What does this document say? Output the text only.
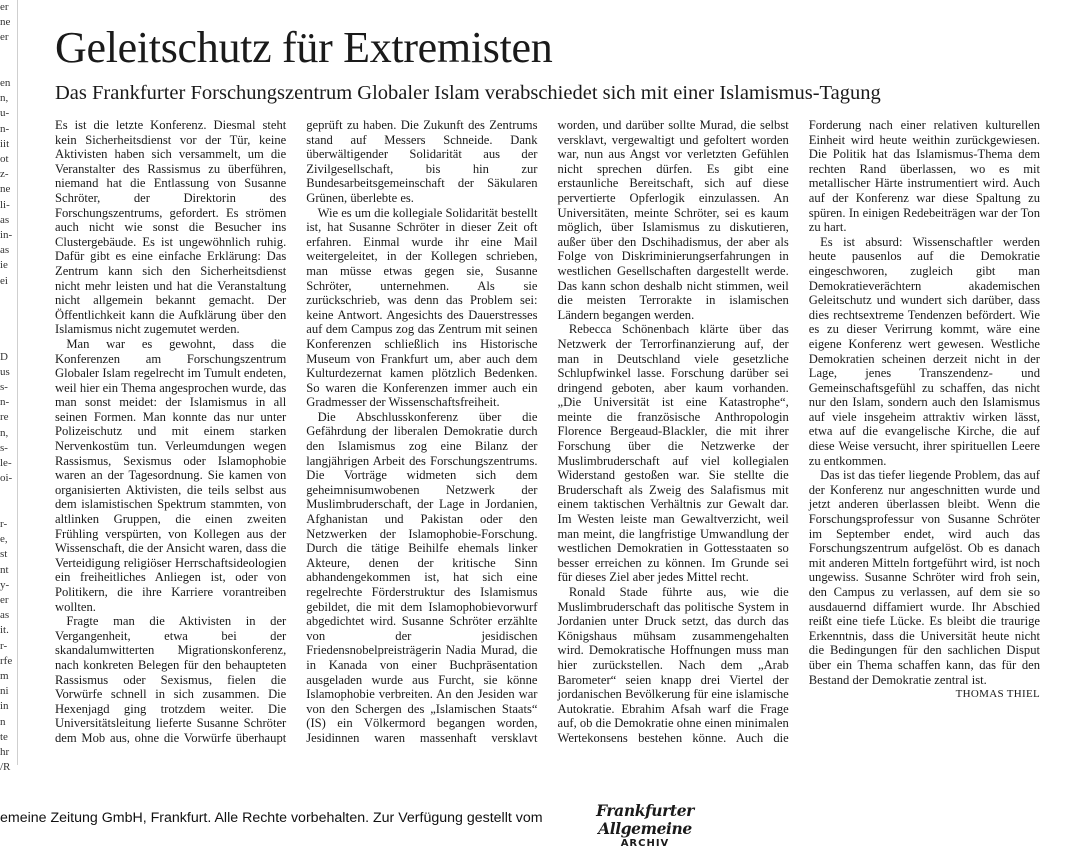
er
ne
er

en
n,
u-
n-
iit
ot
z-
ne
li-
as
in-
as
ie
ei

D
us
s-
n-
re
n,
s-
le-
oi-

r-
e,
st
nt
y-
er
as
it.
r-
rfe
m
ni
in
n
te
hr
/R
Geleitschutz für Extremisten
Das Frankfurter Forschungszentrum Globaler Islam verabschiedet sich mit einer Islamismus-Tagung

Es ist die letzte Konferenz. Diesmal steht kein Sicherheitsdienst vor der Tür, keine Aktivisten haben sich versammelt, um die Veranstalter des Rassismus zu überführen, niemand hat die Entlassung von Susanne Schröter, der Direktorin des Forschungszentrums, gefordert. Es strömen auch nicht wie sonst die Besucher ins Clustergebäude. Es ist ungewöhnlich ruhig. Dafür gibt es eine einfache Erklärung: Das Zentrum kann sich den Sicherheitsdienst nicht mehr leisten und hat die Veranstaltung nicht allgemein bekannt gemacht. Der Öffentlichkeit kann die Aufklärung über den Islamismus nicht zugemutet werden.

Man war es gewohnt, dass die Konferenzen am Forschungszentrum Globaler Islam regelrecht im Tumult endeten, weil hier ein Thema angesprochen wurde, das man sonst meidet: der Islamismus in all seinen Formen. Man konnte das nur unter Polizeischutz und mit einem starken Nervenkostüm tun. Verleumdungen wegen Rassismus, Sexismus oder Islamophobie waren an der Tagesordnung. Sie kamen von organisierten Aktivisten, die teils selbst aus dem islamistischen Spektrum stammten, von altlinken Gruppen, die einen zweiten Frühling verspürten, von Kollegen aus der Wissenschaft, die der Ansicht waren, dass die Verteidigung religiöser Herrschaftsideologien ein freiheitliches Anliegen ist, oder von Politikern, die ihre Karriere vorantreiben wollten.

Fragte man die Aktivisten in der Vergangenheit, etwa bei der skandalumwitterten Migrationskonferenz, nach konkreten Belegen für den behaupteten Rassismus oder Sexismus, fielen die Vorwürfe schnell in sich zusammen. Die Hexenjagd ging trotzdem weiter. Die Universitätsleitung lieferte Susanne Schröter dem Mob aus, ohne die Vorwürfe überhaupt geprüft zu haben. Die Zukunft des Zentrums stand auf Messers Schneide. Dank überwältigender Solidarität aus der Zivilgesellschaft, bis hin zur Bundesarbeitsgemeinschaft der Säkularen Grünen, überlebte es.

Wie es um die kollegiale Solidarität bestellt ist, hat Susanne Schröter in dieser Zeit oft erfahren. Einmal wurde ihr eine Mail weitergeleitet, in der Kollegen schrieben, man müsse etwas gegen sie, Susanne Schröter, unternehmen. Als sie zurückschrieb, was denn das Problem sei: keine Antwort. Angesichts des Dauerstresses auf dem Campus zog das Zentrum mit seinen Konferenzen schließlich ins Historische Museum von Frankfurt um, aber auch dem Kulturdezernat kamen plötzlich Bedenken. So waren die Konferenzen immer auch ein Gradmesser der Wissenschaftsfreiheit.

Die Abschlusskonferenz über die Gefährdung der liberalen Demokratie durch den Islamismus zog eine Bilanz der langjährigen Arbeit des Forschungszentrums. Die Vorträge widmeten sich dem geheimnisumwobenen Netzwerk der Muslimbruderschaft, der Lage in Jordanien, Afghanistan und Pakistan oder den Netzwerken der Islamophobie-Forschung. Durch die tätige Beihilfe ehemals linker Akteure, denen der kritische Sinn abhandengekommen ist, hat sich eine regelrechte Förderstruktur des Islamismus gebildet, die mit dem Islamophobievorwurf abgedichtet wird. Susanne Schröter erzählte von der jesidischen Friedensnobelpreisträgerin Nadia Murad, die in Kanada von einer Buchpräsentation ausgeladen wurde aus Furcht, sie könne Islamophobie verbreiten. An den Jesiden war von den Schergen des „Islamischen Staats“ (IS) ein Völkermord begangen worden, Jesidinnen waren massenhaft versklavt worden, und darüber sollte Murad, die selbst versklavt, vergewaltigt und gefoltert worden war, nun aus Angst vor verletzten Gefühlen nicht sprechen dürfen. Es gibt eine erstaunliche Bereitschaft, sich auf diese pervertierte Opferlogik einzulassen. An Universitäten, meinte Schröter, sei es kaum möglich, über Islamismus zu diskutieren, außer über den Dschihadismus, der aber als Folge von Diskriminierungserfahrungen in westlichen Gesellschaften dargestellt werde. Das kann schon deshalb nicht stimmen, weil die meisten Terrorakte in islamischen Ländern begangen werden.

Rebecca Schönenbach klärte über das Netzwerk der Terrorfinanzierung auf, der man in Deutschland viele gesetzliche Schlupfwinkel lasse. Forschung darüber sei dringend geboten, aber kaum vorhanden. „Die Universität ist eine Katastrophe“, meinte die französische Anthropologin Florence Bergeaud-Blackler, die mit ihrer Forschung über die Netzwerke der Muslimbruderschaft auf viel kollegialen Widerstand gestoßen war. Sie stellte die Bruderschaft als Zweig des Salafismus mit einem taktischen Verhältnis zur Gewalt dar. Im Westen leiste man Gewaltverzicht, weil man meint, die langfristige Umwandlung der westlichen Demokratien in Gottesstaaten so besser erreichen zu können. Im Grunde sei für dieses Ziel aber jedes Mittel recht.

Ronald Stade führte aus, wie die Muslimbruderschaft das politische System in Jordanien unter Druck setzt, das durch das Königshaus mühsam zusammengehalten wird. Demokratische Hoffnungen muss man hier zurückstellen. Nach dem „Arab Barometer“ seien knapp drei Viertel der jordanischen Bevölkerung für eine islamische Autokratie. Ebrahim Afsah warf die Frage auf, ob die Demokratie ohne einen minimalen Wertekonsens bestehen könne. Auch die Forderung nach einer relativen kulturellen Einheit wird heute weithin zurückgewiesen. Die Politik hat das Islamismus-Thema dem rechten Rand überlassen, wo es mit metallischer Härte instrumentiert wird. Auch auf der Konferenz war diese Spaltung zu spüren. In einigen Redebeiträgen war der Ton zu hart.

Es ist absurd: Wissenschaftler werden heute pausenlos auf die Demokratie eingeschworen, zugleich gibt man Demokratieverächtern akademischen Geleitschutz und wundert sich darüber, dass dies rechtsextreme Tendenzen befördert. Wie es zu dieser Verirrung kommt, wäre eine eigene Konferenz wert gewesen. Westliche Demokratien scheinen derzeit nicht in der Lage, jenes Transzendenz- und Gemeinschaftsgefühl zu schaffen, das nicht nur den Islam, sondern auch den Islamismus auf viele insgeheim attraktiv wirken lässt, etwa auf die evangelische Kirche, die auf diese Weise versucht, ihrer spirituellen Leere zu entkommen.

Das ist das tiefer liegende Problem, das auf der Konferenz nur angeschnitten wurde und jetzt anderen überlassen bleibt. Wenn die Forschungsprofessur von Susanne Schröter im September endet, wird auch das Forschungszentrum aufgelöst. Ob es danach mit anderen Mitteln fortgeführt wird, ist noch ungewiss. Susanne Schröter wird froh sein, den Campus zu verlassen, auf dem sie so ausdauernd diffamiert wurde. Ihr Abschied reißt eine tiefe Lücke. Es bleibt die traurige Erkenntnis, dass die Universität heute nicht die Bedingungen für den sachlichen Disput über ein Thema schaffen kann, das für den Bestand der Demokratie zentral ist.

THOMAS THIEL
emeine Zeitung GmbH, Frankfurt. Alle Rechte vorbehalten. Zur Verfügung gestellt vom	Frankfurter Allgemeine
ARCHIV
